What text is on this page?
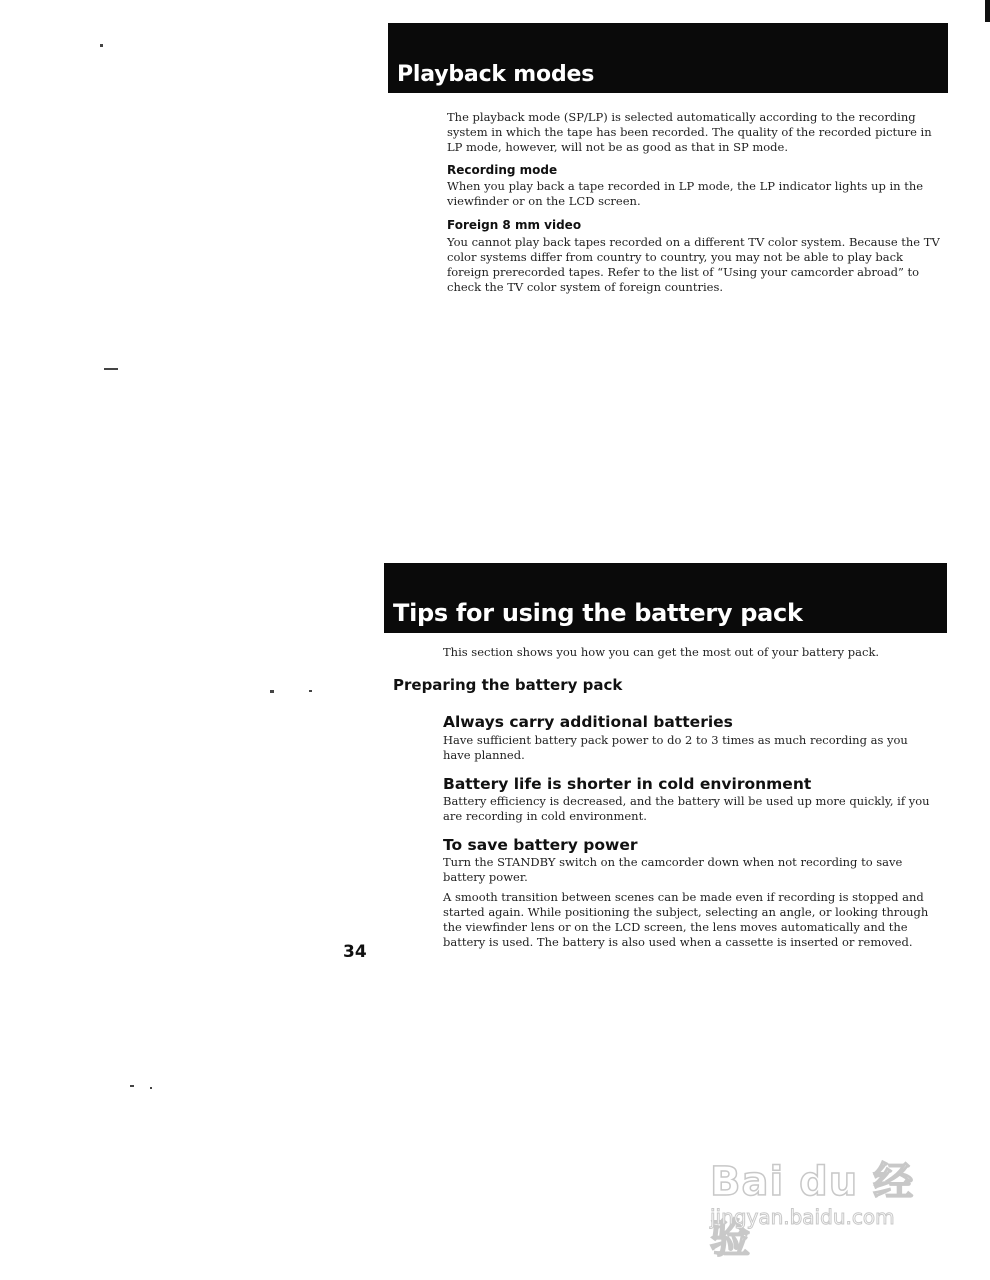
Playback modes
The playback mode (SP/LP) is selected automatically according to the recording system in which the tape has been recorded. The quality of the recorded picture in LP mode, however, will not be as good as that in SP mode.
Recording mode
When you play back a tape recorded in LP mode, the LP indicator lights up in the viewfinder or on the LCD screen.
Foreign 8 mm video
You cannot play back tapes recorded on a different TV color system. Because the TV color systems differ from country to country, you may not be able to play back foreign prerecorded tapes. Refer to the list of “Using your camcorder abroad” to check the TV color system of foreign countries.
Tips for using the battery pack
This section shows you how you can get the most out of your battery pack.
Preparing the battery pack
Always carry additional batteries
Have sufficient battery pack power to do 2 to 3 times as much recording as you have planned.
Battery life is shorter in cold environment
Battery efficiency is decreased, and the battery will be used up more quickly, if you are recording in cold environment.
To save battery power
Turn the STANDBY switch on the camcorder down when not recording to save battery power.
A smooth transition between scenes can be made even if recording is stopped and started again. While positioning the subject, selecting an angle, or looking through the viewfinder lens or on the LCD screen, the lens moves automatically and the battery is used. The battery is also used when a cassette is inserted or removed.
34
Bai du 经验
jingyan.baidu.com
